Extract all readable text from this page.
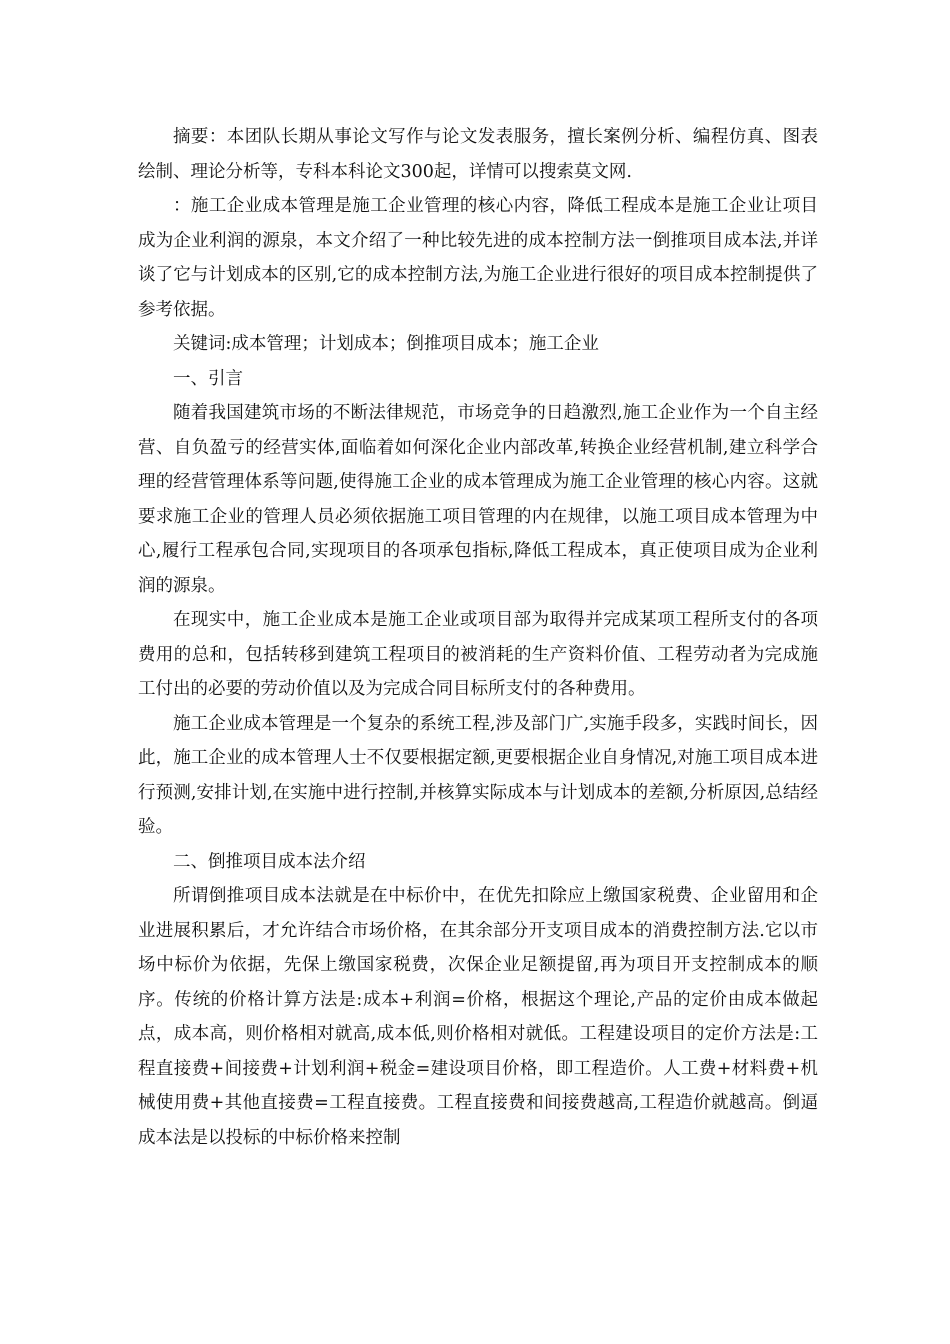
摘要：本团队长期从事论文写作与论文发表服务，擅长案例分析、编程仿真、图表绘制、理论分析等，专科本科论文300起，详情可以搜索莫文网.

：施工企业成本管理是施工企业管理的核心内容，降低工程成本是施工企业让项目成为企业利润的源泉，本文介绍了一种比较先进的成本控制方法一倒推项目成本法,并详谈了它与计划成本的区别,它的成本控制方法,为施工企业进行很好的项目成本控制提供了参考依据。

关键词:成本管理；计划成本；倒推项目成本；施工企业

一、引言

随着我国建筑市场的不断法律规范，市场竞争的日趋激烈,施工企业作为一个自主经营、自负盈亏的经营实体,面临着如何深化企业内部改革,转换企业经营机制,建立科学合理的经营管理体系等问题,使得施工企业的成本管理成为施工企业管理的核心内容。这就要求施工企业的管理人员必须依据施工项目管理的内在规律，以施工项目成本管理为中心,履行工程承包合同,实现项目的各项承包指标,降低工程成本，真正使项目成为企业利润的源泉。

在现实中，施工企业成本是施工企业或项目部为取得并完成某项工程所支付的各项费用的总和，包括转移到建筑工程项目的被消耗的生产资料价值、工程劳动者为完成施工付出的必要的劳动价值以及为完成合同目标所支付的各种费用。

施工企业成本管理是一个复杂的系统工程,涉及部门广,实施手段多，实践时间长，因此，施工企业的成本管理人士不仅要根据定额,更要根据企业自身情况,对施工项目成本进行预测,安排计划,在实施中进行控制,并核算实际成本与计划成本的差额,分析原因,总结经验。

二、倒推项目成本法介绍

所谓倒推项目成本法就是在中标价中，在优先扣除应上缴国家税费、企业留用和企业进展积累后，才允许结合市场价格，在其余部分开支项目成本的消费控制方法.它以市场中标价为依据，先保上缴国家税费，次保企业足额提留,再为项目开支控制成本的顺序。传统的价格计算方法是:成本+利润=价格，根据这个理论,产品的定价由成本做起点，成本高，则价格相对就高,成本低,则价格相对就低。工程建设项目的定价方法是:工程直接费+间接费+计划利润+税金=建设项目价格，即工程造价。人工费+材料费+机械使用费+其他直接费=工程直接费。工程直接费和间接费越高,工程造价就越高。倒逼成本法是以投标的中标价格来控制
